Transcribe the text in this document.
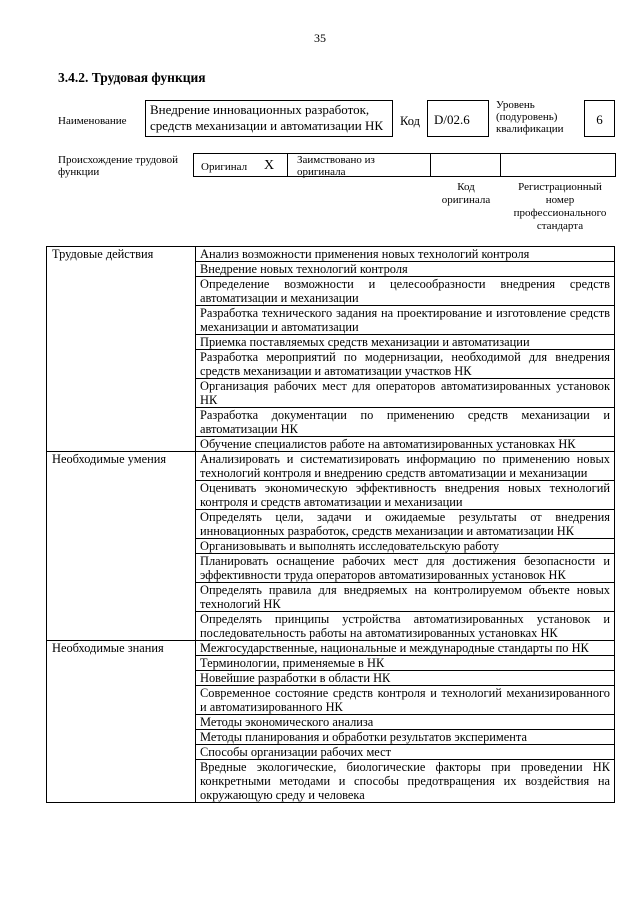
35
3.4.2. Трудовая функция
Наименование
Внедрение инновационных разработок, средств механизации и автоматизации НК	Код	D/02.6
Уровень (подуровень) квалификации
6
Происхождение трудовой функции	Оригинал X Заимствовано из оригинала
Код оригинала
Регистрационный номер профессионального стандарта
Трудовые действия	Анализ возможности применения новых технологий контроля
	Внедрение новых технологий контроля
	Определение возможности и целесообразности внедрения средств автоматизации и механизации
	Разработка технического задания на проектирование и изготовление средств механизации и автоматизации
	Приемка поставляемых средств механизации и автоматизации
	Разработка мероприятий по модернизации, необходимой для внедрения средств механизации и автоматизации участков НК
	Организация рабочих мест для операторов автоматизированных установок НК
	Разработка документации по применению средств механизации и автоматизации НК
	Обучение специалистов работе на автоматизированных установках НК
Необходимые умения	Анализировать и систематизировать информацию по применению новых технологий контроля и внедрению средств автоматизации и механизации
	Оценивать экономическую эффективность внедрения новых технологий контроля и средств автоматизации и механизации
	Определять цели, задачи и ожидаемые результаты от внедрения инновационных разработок, средств механизации и автоматизации НК
	Организовывать и выполнять исследовательскую работу
	Планировать оснащение рабочих мест для достижения безопасности и эффективности труда операторов автоматизированных установок НК
	Определять правила для внедряемых на контролируемом объекте новых технологий НК
	Определять принципы устройства автоматизированных установок и последовательность работы на автоматизированных установках НК
Необходимые знания	Межгосударственные, национальные и международные стандарты по НК
	Терминологии, применяемые в НК
	Новейшие разработки в области НК
	Современное состояние средств контроля и технологий механизированного и автоматизированного НК
	Методы экономического анализа
	Методы планирования и обработки результатов эксперимента
	Способы организации рабочих мест
	Вредные экологические, биологические факторы при проведении НК конкретными методами и способы предотвращения их воздействия на окружающую среду и человека
